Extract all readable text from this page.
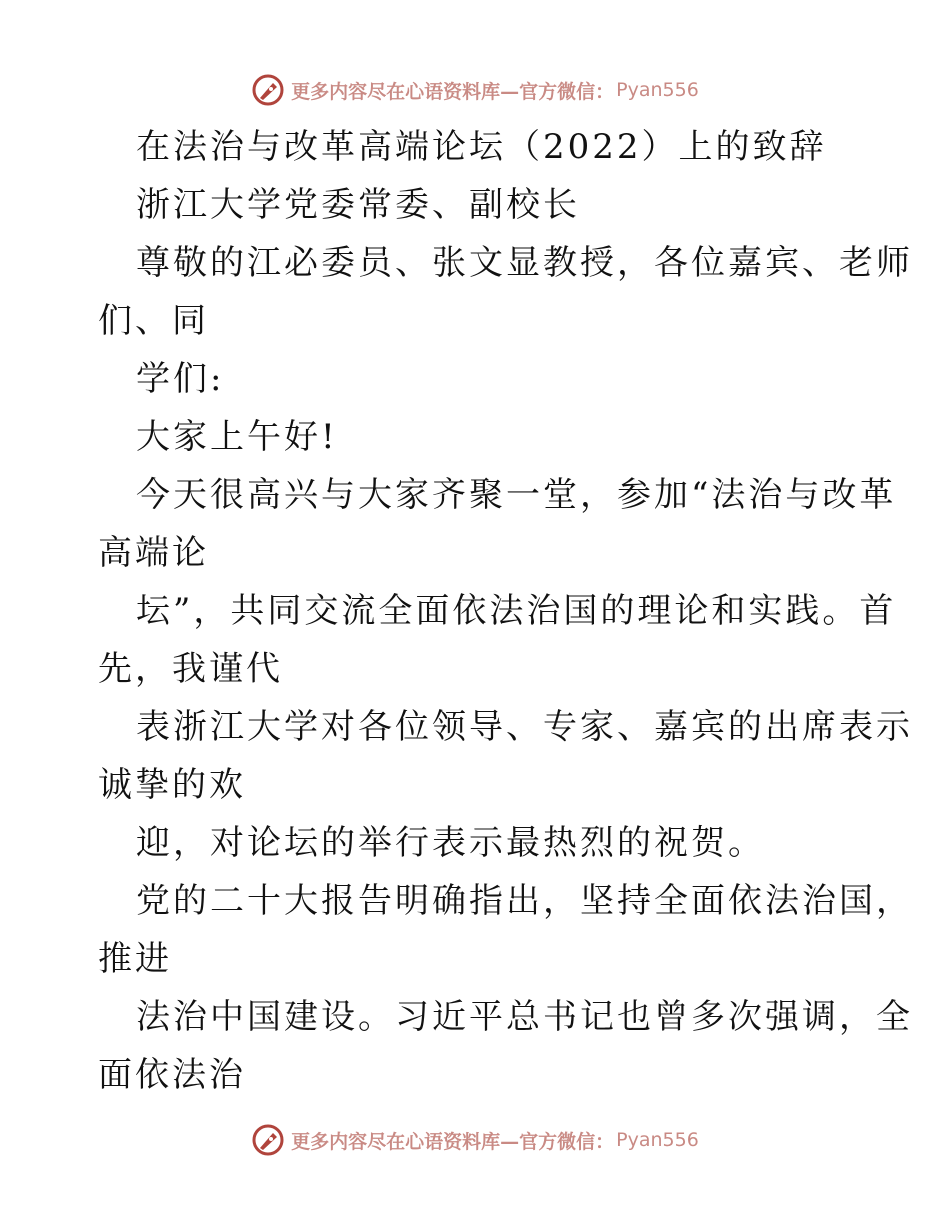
更多内容尽在心语资料库—官方微信： Pyan556
在法治与改革高端论坛（2022）上的致辞
浙江大学党委常委、副校长
尊敬的江必委员、张文显教授，各位嘉宾、老师
们、同
学们:
大家上午好!
今天很高兴与大家齐聚一堂，参加“法治与改革
高端论
坛”，共同交流全面依法治国的理论和实践。首
先，我谨代
表浙江大学对各位领导、专家、嘉宾的出席表示
诚挚的欢
迎，对论坛的举行表示最热烈的祝贺。
党的二十大报告明确指出，坚持全面依法治国，
推进
法治中国建设。习近平总书记也曾多次强调，全
面依法治
更多内容尽在心语资料库—官方微信： Pyan556
